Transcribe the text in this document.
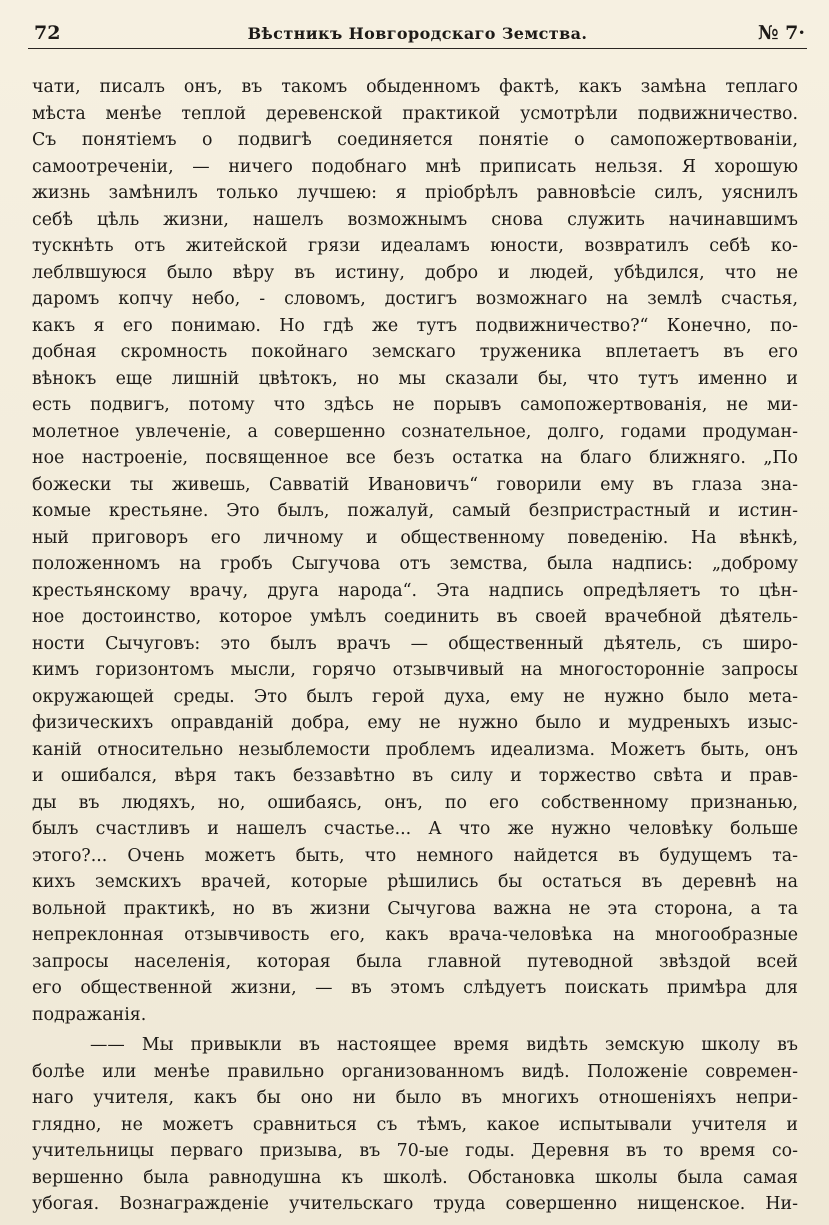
72	Вѣстникъ Новгородскаго Земства.	№ 7·
чати, писалъ онъ, въ такомъ обыденномъ фактѣ, какъ замѣна теплаго
мѣста менѣе теплой деревенской практикой усмотрѣли подвижничество.
Съ понятіемъ о подвигѣ соединяется понятіе о самопожертвованіи,
самоотреченіи, — ничего подобнаго мнѣ приписать нельзя. Я хорошую
жизнь замѣнилъ только лучшею: я пріобрѣлъ равновѣсіе силъ, уяснилъ
себѣ цѣль жизни, нашелъ возможнымъ снова служить начинавшимъ
тускнѣть отъ житейской грязи идеаламъ юности, возвратилъ себѣ ко-
леблвшуюся было вѣру въ истину, добро и людей, убѣдился, что не
даромъ копчу небо, - словомъ, достигъ возможнаго на землѣ счастья,
какъ я его понимаю. Но гдѣ же тутъ подвижничество?“ Конечно, по-
добная скромность покойнаго земскаго труженика вплетаетъ въ его
вѣнокъ еще лишній цвѣтокъ, но мы сказали бы, что тутъ именно и
есть подвигъ, потому что здѣсь не порывъ самопожертвованія, не ми-
молетное увлеченіе, а совершенно сознательное, долго, годами продуман-
ное настроеніе, посвященное все безъ остатка на благо ближняго. „По
божески ты живешь, Савватій Ивановичъ“ говорили ему въ глаза зна-
комые крестьяне. Это былъ, пожалуй, самый безпристрастный и истин-
ный приговоръ его личному и общественному поведенію. На вѣнкѣ,
положенномъ на гробъ Сыгучова отъ земства, была надпись: „доброму
крестьянскому врачу, друга народа“. Эта надпись опредѣляетъ то цѣн-
ное достоинство, которое умѣлъ соединить въ своей врачебной дѣятель-
ности Сычуговъ: это былъ врачъ — общественный дѣятель, съ широ-
кимъ горизонтомъ мысли, горячо отзывчивый на многосторонніе запросы
окружающей среды. Это былъ герой духа, ему не нужно было мета-
физическихъ оправданій добра, ему не нужно было и мудреныхъ изыс-
каній относительно незыблемости проблемъ идеализма. Можетъ быть, онъ
и ошибался, вѣря такъ беззавѣтно въ силу и торжество свѣта и прав-
ды въ людяхъ, но, ошибаясь, онъ, по его собственному признанью,
былъ счастливъ и нашелъ счастье... А что же нужно человѣку больше
этого?... Очень можетъ быть, что немного найдется въ будущемъ та-
кихъ земскихъ врачей, которые рѣшились бы остаться въ деревнѣ на
вольной практикѣ, но въ жизни Сычугова важна не эта сторона, а та
непреклонная отзывчивость его, какъ врача-человѣка на многообразные
запросы населенія, которая была главной путеводной звѣздой всей
его общественной жизни, — въ этомъ слѣдуетъ поискать примѣра для
подражанія.
—— Мы привыкли въ настоящее время видѣть земскую школу въ
болѣе или менѣе правильно организованномъ видѣ. Положеніе современ-
наго учителя, какъ бы оно ни было въ многихъ отношеніяхъ непри-
глядно, не можетъ сравниться съ тѣмъ, какое испытывали учителя и
учительницы перваго призыва, въ 70-ые годы. Деревня въ то время со-
вершенно была равнодушна къ школѣ. Обстановка школы была самая
убогая. Вознагражденіе учительскаго труда совершенно нищенское. Ни-
